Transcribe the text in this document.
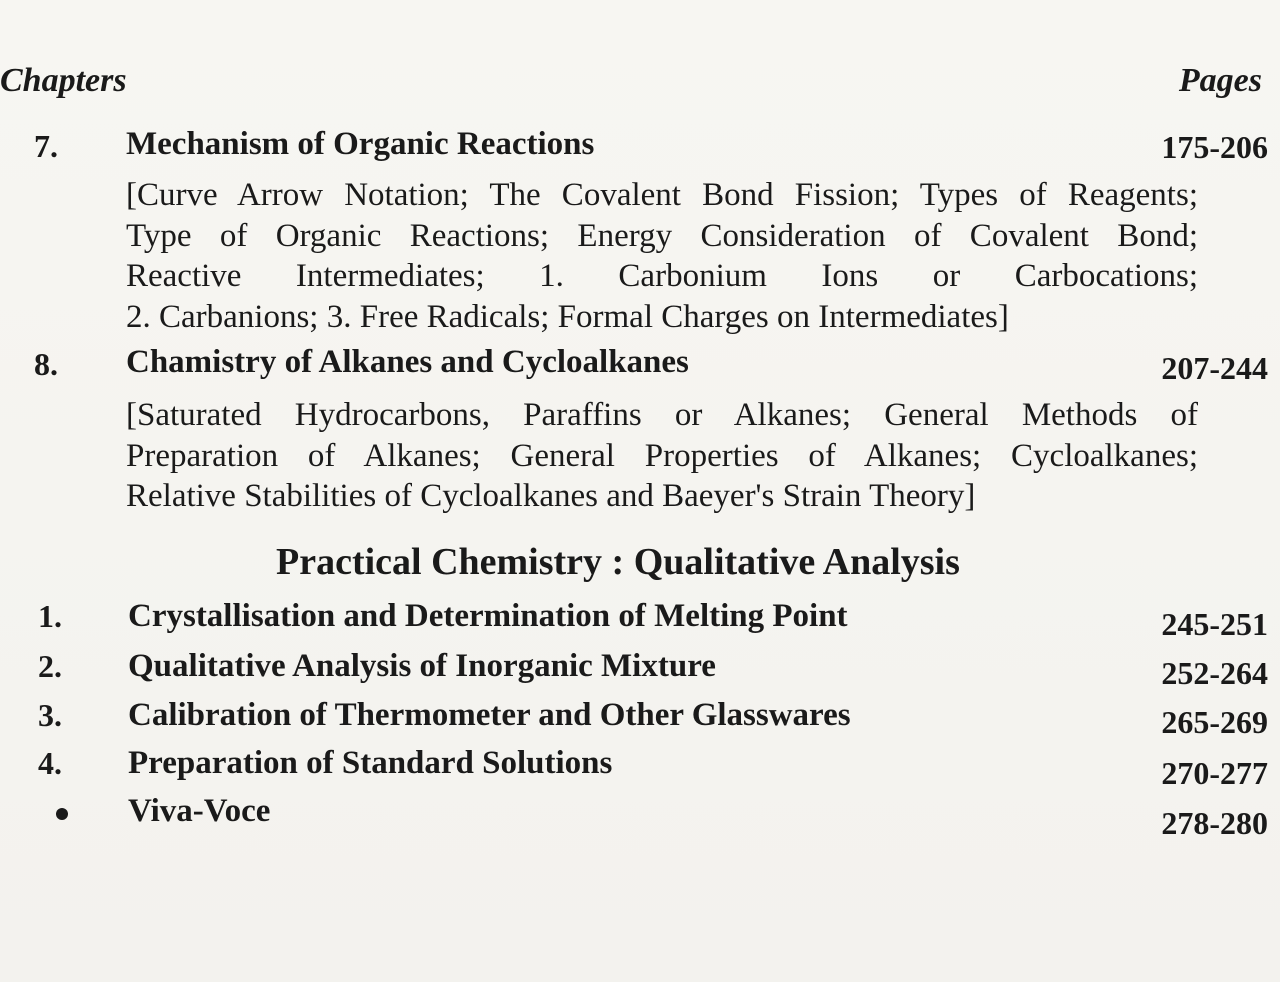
Chapters	Pages
7. Mechanism of Organic Reactions	175-206
[Curve Arrow Notation; The Covalent Bond Fission; Types of Reagents;
Type of Organic Reactions; Energy Consideration of Covalent Bond;
Reactive Intermediates; 1. Carbonium Ions or Carbocations;
2. Carbanions; 3. Free Radicals; Formal Charges on Intermediates]
8. Chamistry of Alkanes and Cycloalkanes	207-244
[Saturated Hydrocarbons, Paraffins or Alkanes; General Methods of
Preparation of Alkanes; General Properties of Alkanes; Cycloalkanes;
Relative Stabilities of Cycloalkanes and Baeyer's Strain Theory]
Practical Chemistry : Qualitative Analysis
1. Crystallisation and Determination of Melting Point	245-251
2. Qualitative Analysis of Inorganic Mixture	252-264
3. Calibration of Thermometer and Other Glasswares	265-269
4. Preparation of Standard Solutions	270-277
Viva-Voce	278-280
